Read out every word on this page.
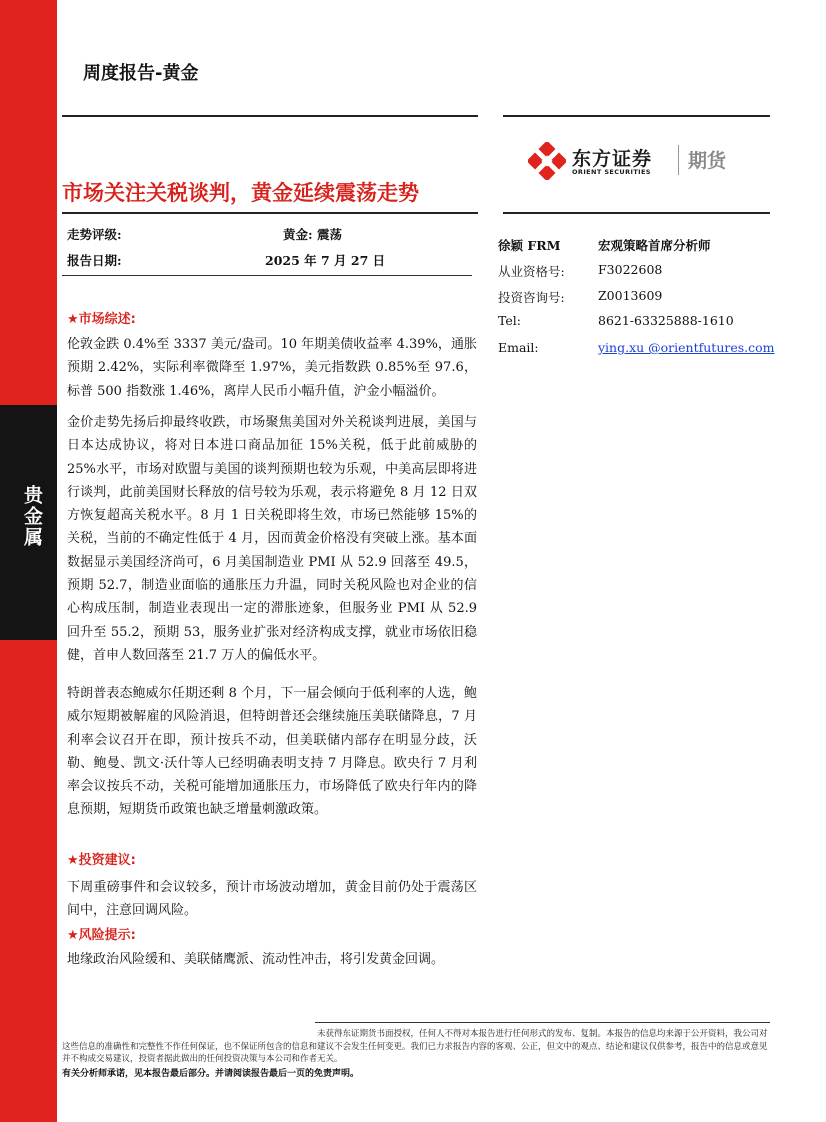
贵金属
周度报告-黄金
东方证券
ORIENT SECURITIES 期货
市场关注关税谈判，黄金延续震荡走势
走势评级:	黄金: 震荡
报告日期:	2025 年 7 月 27 日
徐颖 FRM	宏观策略首席分析师
从业资格号:	F3022608
投资咨询号:	Z0013609
Tel:	8621-63325888-1610
Email:	ying.xu @orientfutures.com
★市场综述:
伦敦金跌 0.4%至 3337 美元/盎司。10 年期美债收益率 4.39%，通胀预期 2.42%，实际利率微降至 1.97%，美元指数跌 0.85%至 97.6，标普 500 指数涨 1.46%，离岸人民币小幅升值，沪金小幅溢价。
金价走势先扬后抑最终收跌，市场聚焦美国对外关税谈判进展，美国与日本达成协议，将对日本进口商品加征 15%关税，低于此前威胁的 25%水平，市场对欧盟与美国的谈判预期也较为乐观，中美高层即将进行谈判，此前美国财长释放的信号较为乐观，表示将避免 8 月 12 日双方恢复超高关税水平。8 月 1 日关税即将生效，市场已然能够 15%的关税，当前的不确定性低于 4 月，因而黄金价格没有突破上涨。基本面数据显示美国经济尚可，6 月美国制造业 PMI 从 52.9 回落至 49.5，预期 52.7，制造业面临的通胀压力升温，同时关税风险也对企业的信心构成压制，制造业表现出一定的滞胀迹象，但服务业 PMI 从 52.9 回升至 55.2，预期 53，服务业扩张对经济构成支撑，就业市场依旧稳健，首申人数回落至 21.7 万人的偏低水平。
特朗普表态鲍威尔任期还剩 8 个月，下一届会倾向于低利率的人选，鲍威尔短期被解雇的风险消退，但特朗普还会继续施压美联储降息，7 月利率会议召开在即，预计按兵不动，但美联储内部存在明显分歧，沃勒、鲍曼、凯文·沃什等人已经明确表明支持 7 月降息。欧央行 7 月利率会议按兵不动，关税可能增加通胀压力，市场降低了欧央行年内的降息预期，短期货币政策也缺乏增量刺激政策。
★投资建议:
下周重磅事件和会议较多，预计市场波动增加，黄金目前仍处于震荡区间中，注意回调风险。
★风险提示:
地缘政治风险缓和、美联储鹰派、流动性冲击，将引发黄金回调。
未获得东证期货书面授权，任何人不得对本报告进行任何形式的发布、复制。本报告的信息均来源于公开资料，我公司对这些信息的准确性和完整性不作任何保证，也不保证所包含的信息和建议不会发生任何变更。我们已力求报告内容的客观、公正，但文中的观点、结论和建议仅供参考，报告中的信息或意见并不构成交易建议，投资者据此做出的任何投资决策与本公司和作者无关。
有关分析师承诺，见本报告最后部分。并请阅读报告最后一页的免责声明。
